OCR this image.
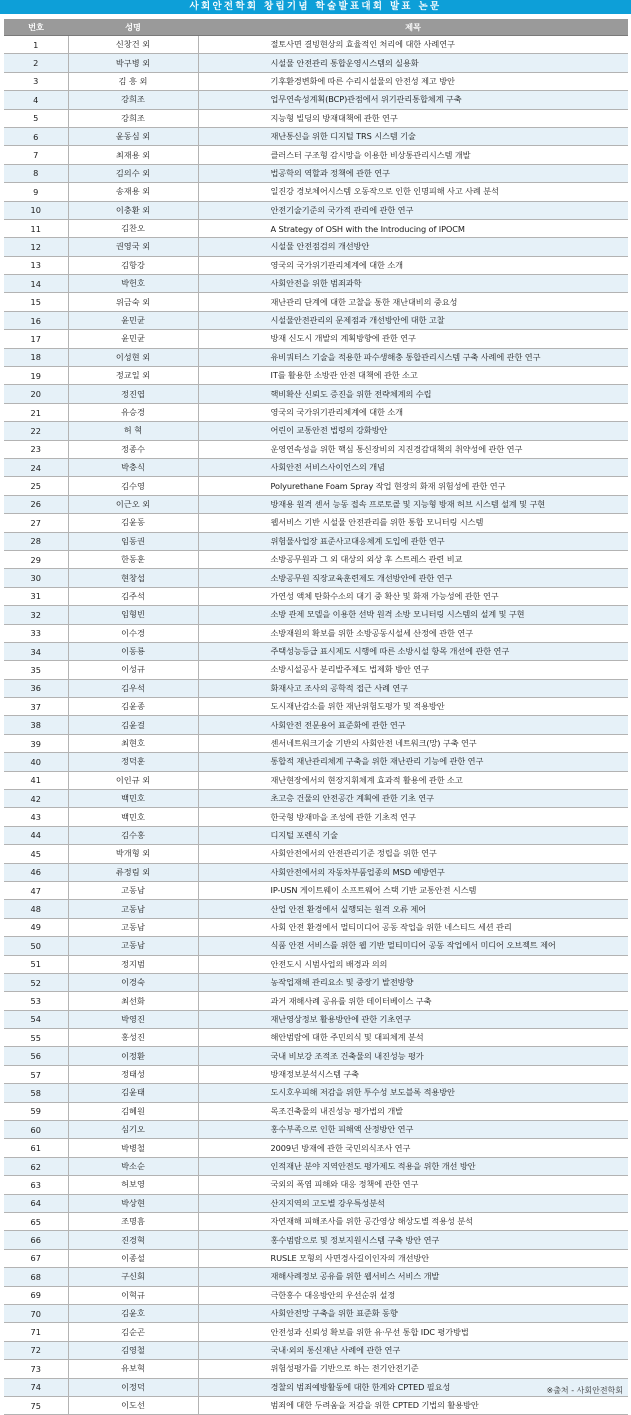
사회안전학회 창립기념 학술발표대회 발표 논문
번호	성명	제목
1	신창건 외	절토사면 결빙현상의 효율적인 처리에 대한 사례연구
2	박구병 외	시설물 안전관리 통합운영시스템의 실용화
3	김 흥 외	기후환경변화에 따른 수리시설물의 안전성 제고 방안
4	강희조	업무연속성계획(BCP)관점에서 위기관리통합체계 구축
5	강희조	지능형 빌딩의 방재대책에 관한 연구
6	윤동심 외	재난통신을 위한 디지털 TRS 시스템 기술
7	최재용 외	클러스터 구조형 감시망을 이용한 비상통관리시스템 개발
8	김의수 외	법공학의 역할과 정책에 관한 연구
9	송재용 외	일진강 경보체어시스템 오동작으로 인한 인명피해 사고 사례 분석
10	이충환 외	안전기술기준의 국가적 관리에 관한 연구
11	김찬오	A Strategy of OSH with the Introducing of IPOCM
12	권영국 외	시설물 안전점검의 개선방안
13	김항강	영국의 국가위기관리체계에 대한 소개
14	박헌호	사회안전을 위한 범죄과학
15	위금숙 외	재난관리 단계에 대한 고찰을 통한 재난대비의 중요성
16	윤민균	시설물안전관리의 문제점과 개선방안에 대한 고찰
17	윤민균	방재 신도시 개발의 계획방향에 관한 연구
18	이성현 외	유비쿼터스 기술을 적용한 파수생해충 통합관리시스템 구축 사례에 관한 연구
19	정교일 외	IT를 활용한 소방관 안전 대책에 관한 소고
20	정진엽	핵비확산 신뢰도 증진을 위한 전략체계의 수립
21	유승경	영국의 국가위기관리체계에 대한 소개
22	허 혁	어린이 교통안전 법령의 강화방안
23	정종수	운영연속성을 위한 핵심 통신장비의 지진경감대책의 취약성에 관한 연구
24	박충식	사회안전 서비스사이언스의 개념
25	김수영	Polyurethane Foam Spray 작업 현장의 화재 위험성에 관한 연구
26	이근오 외	방재용 원격 센서 능동 접속 프로토콜 및 지능형 방재 허브 시스템 설계 및 구현
27	김윤동	웹서비스 기반 시설물 안전관리를 위한 통합 모니터링 시스템
28	임동권	위험물사업장 표준사고대응체계 도입에 관한 연구
29	한동훈	소방공무원과 그 외 대상의 외상 후 스트레스 관련 비교
30	현창섭	소방공무원 직장교육훈련제도 개선방안에 관한 연구
31	김주석	가연성 액체 탄화수소의 대기 중 확산 및 화재 가능성에 관한 연구
32	임형빈	소방 관제 모델을 이용한 선박 원격 소방 모니터링 시스템의 설계 및 구현
33	이수경	소방재원의 확보를 위한 소방공동시설세 산정에 관한 연구
34	이동룡	주택성능등급 표시제도 시행에 따른 소방시설 항목 개선에 관한 연구
35	이성규	소방시설공사 분리발주제도 법제화 방안 연구
36	김우석	화재사고 조사의 공학적 접근 사례 연구
37	김윤종	도시재난감소를 위한 재난위험도평가 및 적용방안
38	김윤걸	사회안전 전문용어 표준화에 관한 연구
39	최현호	센서네트워크기술 기반의 사회안전 네트워크(망) 구축 연구
40	정덕훈	통합적 재난관리체계 구축을 위한 재난관리 기능에 관한 연구
41	이인규 외	재난현장에서의 현장지휘체계 효과적 활용에 관한 소고
42	백민호	초고층 건물의 안전공간 계획에 관한 기초 연구
43	백민호	한국형 방재마을 조성에 관한 기초적 연구
44	김수홍	디지털 포렌식 기술
45	박개형 외	사회안전에서의 안전관리기준 정립을 위한 연구
46	류정림 외	사회안전에서의 자동차부품업종의 MSD 예방연구
47	고동남	IP-USN 게이트웨이 소프트웨어 스택 기반 교통안전 시스템
48	고동남	산업 안전 환경에서 실행되는 원격 오류 제어
49	고동남	사회 안전 환경에서 멀티미디어 공동 작업을 위한 네스티드 세션 관리
50	고동남	식품 안전 서비스를 위한 웹 기반 멀티미디어 공동 작업에서 미디어 오브젝트 제어
51	정지범	안전도시 시범사업의 배경과 의의
52	이경숙	농작업재해 관리요소 및 중장기 발전방향
53	최선화	과거 재해사례 공유를 위한 데이터베이스 구축
54	박영진	재난영상정보 활용방안에 관한 기초연구
55	홍성진	해안범람에 대한 주민의식 및 대피체계 분석
56	이정환	국내 비보강 조적조 건축물의 내진성능 평가
57	정태성	방재정보분석시스템 구축
58	김윤태	도시호우피해 저감을 위한 투수성 보도블록 적용방안
59	김혜원	목조건축물의 내진성능 평가법의 개발
60	심기오	홍수부족으로 인한 피해액 산정방안 연구
61	박병철	2009년 방재에 관한 국민의식조사 연구
62	박소순	인적재난 분야 지역안전도 평가제도 적용을 위한 개선 방안
63	허보영	국외의 폭염 피해와 대응 정책에 관한 연구
64	박상현	산지지역의 고도별 강우특성분석
65	조명흠	자연재해 피해조사를 위한 공간영상 해상도별 적용성 분석
66	진경혁	홍수범람으로 및 정보지원시스템 구축 방안 연구
67	이종설	RUSLE 모형의 사면경사길이인자의 개선방안
68	구신회	재해사례정보 공유를 위한 웹서비스 서비스 개발
69	이혁규	극한홍수 대응방안의 우선순위 설정
70	김윤호	사회안전망 구축을 위한 표준화 동향
71	김순곤	안전성과 신뢰성 확보를 위한 유·무선 통합 IDC 평가방법
72	김영철	국내·외의 통신재난 사례에 관한 연구
73	유보혁	위험성평가를 기반으로 하는 전기안전기준
74	이정덕	경찰의 범죄예방활동에 대한 한계와 CPTED 필요성
75	이도선	범죄에 대한 두려움을 저감을 위한 CPTED 기법의 활용방안
※출처 - 사회안전학회
